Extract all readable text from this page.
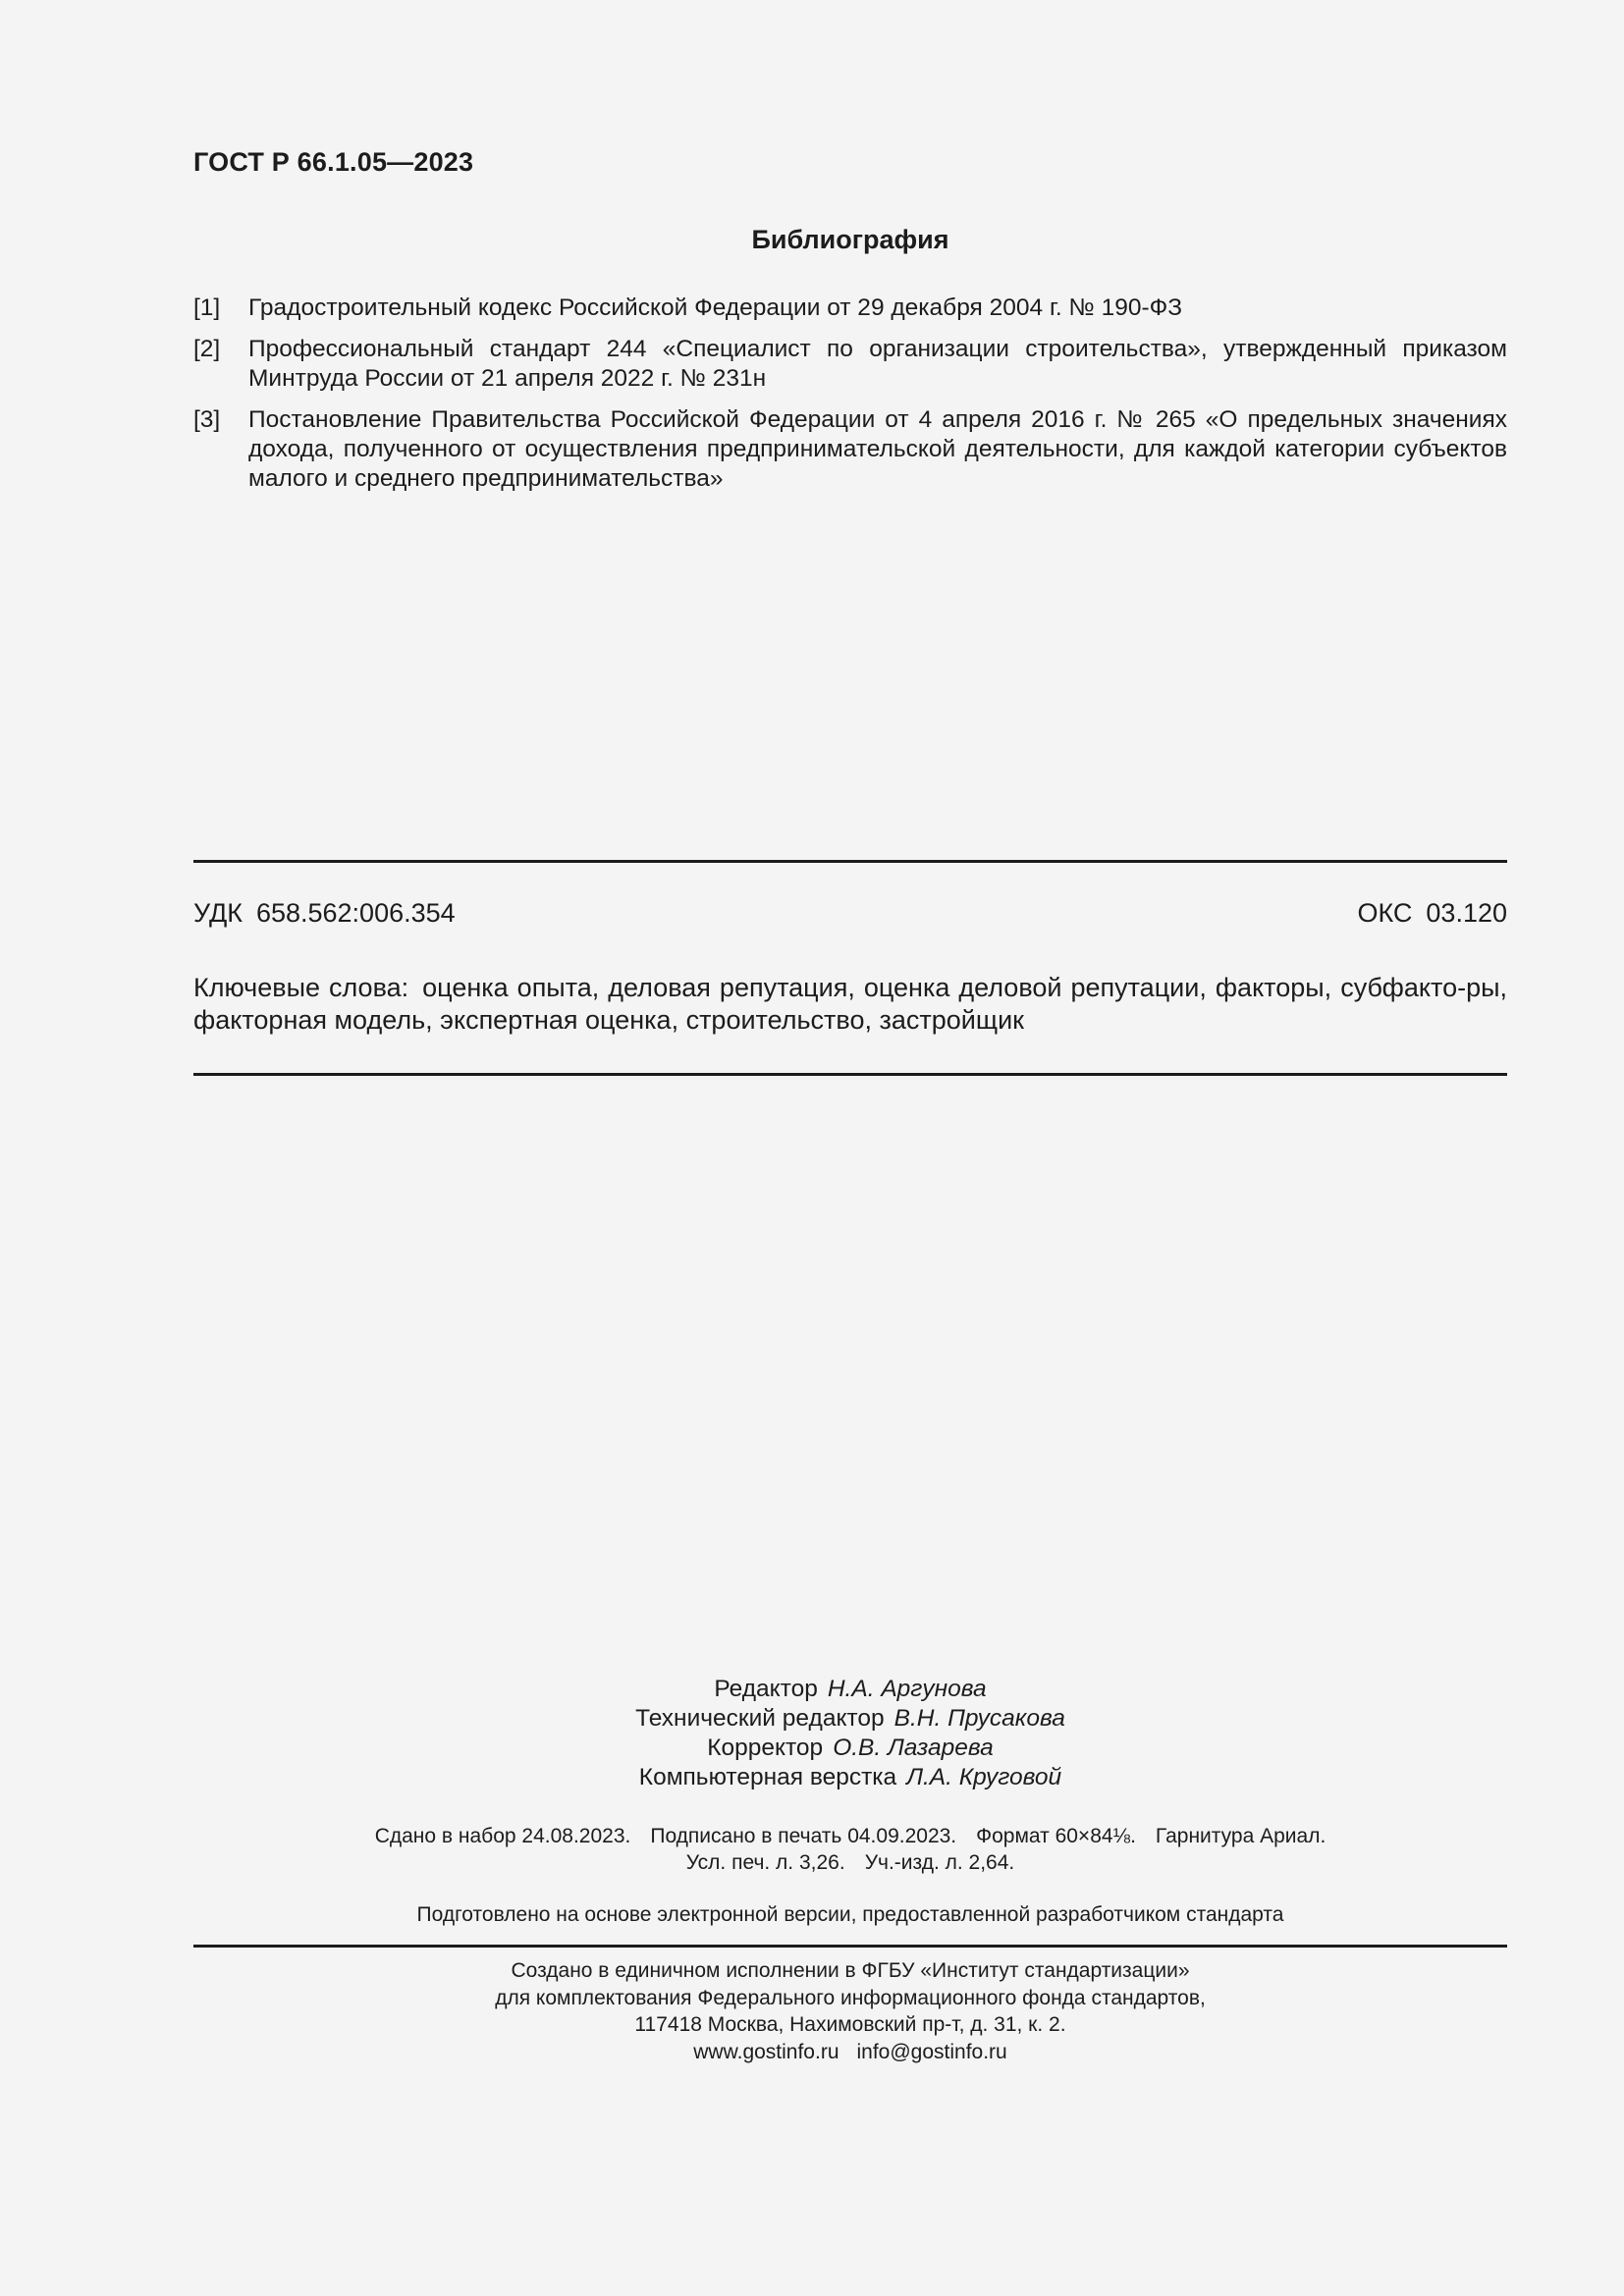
ГОСТ Р 66.1.05—2023
Библиография
[1]	Градостроительный кодекс Российской Федерации от 29 декабря 2004 г. № 190-ФЗ
[2]	Профессиональный стандарт 244 «Специалист по организации строительства», утвержденный приказом Минтруда России от 21 апреля 2022 г. № 231н
[3]	Постановление Правительства Российской Федерации от 4 апреля 2016 г. № 265 «О предельных значениях дохода, полученного от осуществления предпринимательской деятельности, для каждой категории субъектов малого и среднего предпринимательства»
УДК 658.562:006.354	ОКС 03.120
Ключевые слова: оценка опыта, деловая репутация, оценка деловой репутации, факторы, субфакто-ры, факторная модель, экспертная оценка, строительство, застройщик
Редактор Н.А. Аргунова
Технический редактор В.Н. Прусакова
Корректор О.В. Лазарева
Компьютерная верстка Л.А. Круговой
Сдано в набор 24.08.2023. Подписано в печать 04.09.2023. Формат 60×84⅛. Гарнитура Ариал.
Усл. печ. л. 3,26. Уч.-изд. л. 2,64.
Подготовлено на основе электронной версии, предоставленной разработчиком стандарта
Создано в единичном исполнении в ФГБУ «Институт стандартизации»
для комплектования Федерального информационного фонда стандартов,
117418 Москва, Нахимовский пр-т, д. 31, к. 2.
www.gostinfo.ru info@gostinfo.ru
